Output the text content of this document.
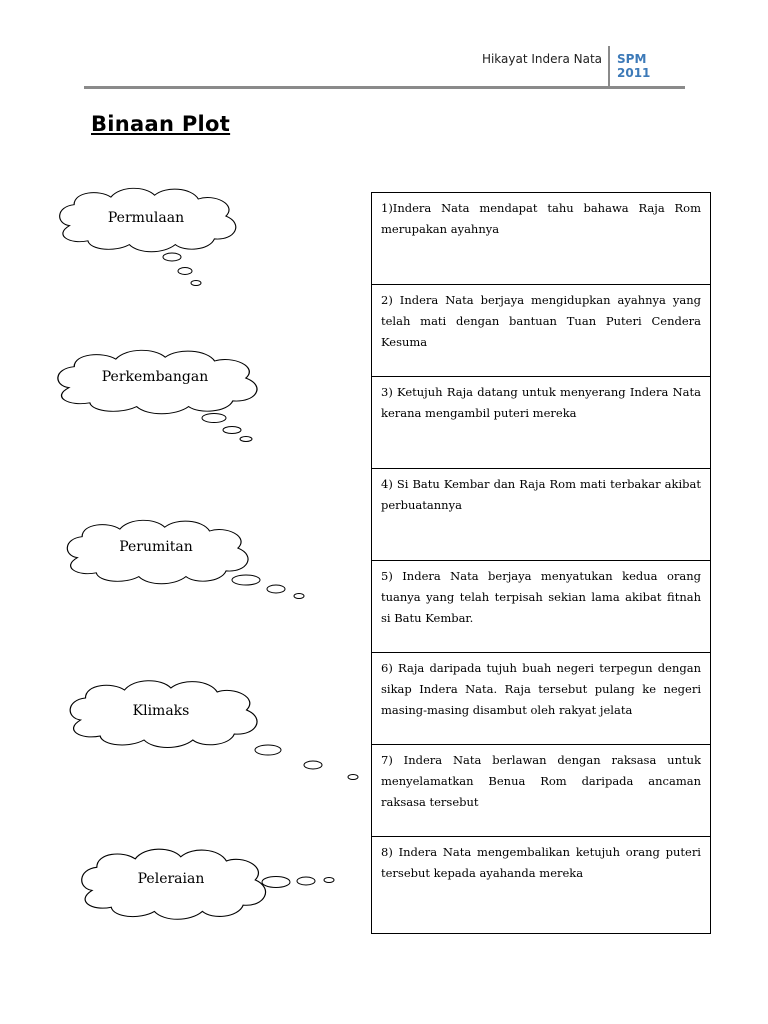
Hikayat Indera Nata SPM
2011
Binaan Plot
Permulaan
Perkembangan
Perumitan
Klimaks
Peleraian
1)Indera Nata mendapat tahu bahawa Raja Rom merupakan ayahnya
2) Indera Nata berjaya mengidupkan ayahnya yang telah mati dengan bantuan Tuan Puteri Cendera Kesuma
3) Ketujuh Raja datang untuk menyerang Indera Nata kerana mengambil puteri mereka
4) Si Batu Kembar dan Raja Rom mati terbakar akibat perbuatannya
5) Indera Nata berjaya menyatukan kedua orang tuanya yang telah terpisah sekian lama akibat fitnah si Batu Kembar.
6) Raja daripada tujuh buah negeri terpegun dengan sikap Indera Nata. Raja tersebut pulang ke negeri masing-masing disambut oleh rakyat jelata
7) Indera Nata berlawan dengan raksasa untuk menyelamatkan Benua Rom daripada ancaman raksasa tersebut
8) Indera Nata mengembalikan ketujuh orang puteri tersebut kepada ayahanda mereka
